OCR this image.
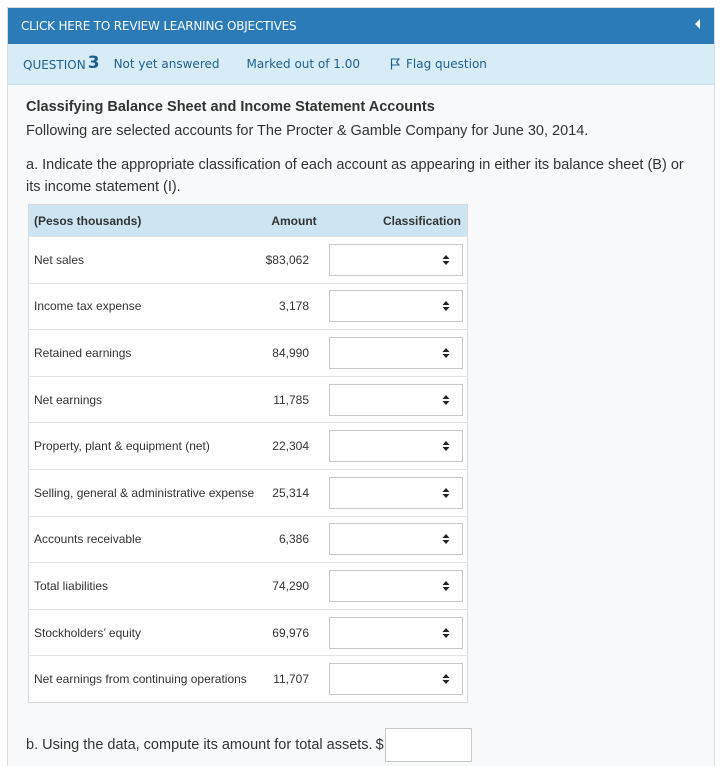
CLICK HERE TO REVIEW LEARNING OBJECTIVES
QUESTION 3 Not yet answered Marked out of 1.00	Flag question
Classifying Balance Sheet and Income Statement Accounts
Following are selected accounts for The Procter & Gamble Company for June 30, 2014.
a. Indicate the appropriate classification of each account as appearing in either its balance sheet (B) or its income statement (I).
(Pesos thousands)	Amount	Classification
Net sales	$83,062	

Income tax expense	3,178	

Retained earnings	84,990	

Net earnings	11,785	

Property, plant & equipment (net)	22,304	

Selling, general & administrative expense	25,314	

Accounts receivable	6,386	

Total liabilities	74,290	

Stockholders’ equity	69,976	

Net earnings from continuing operations	11,707	
b. Using the data, compute its amount for total assets. $
